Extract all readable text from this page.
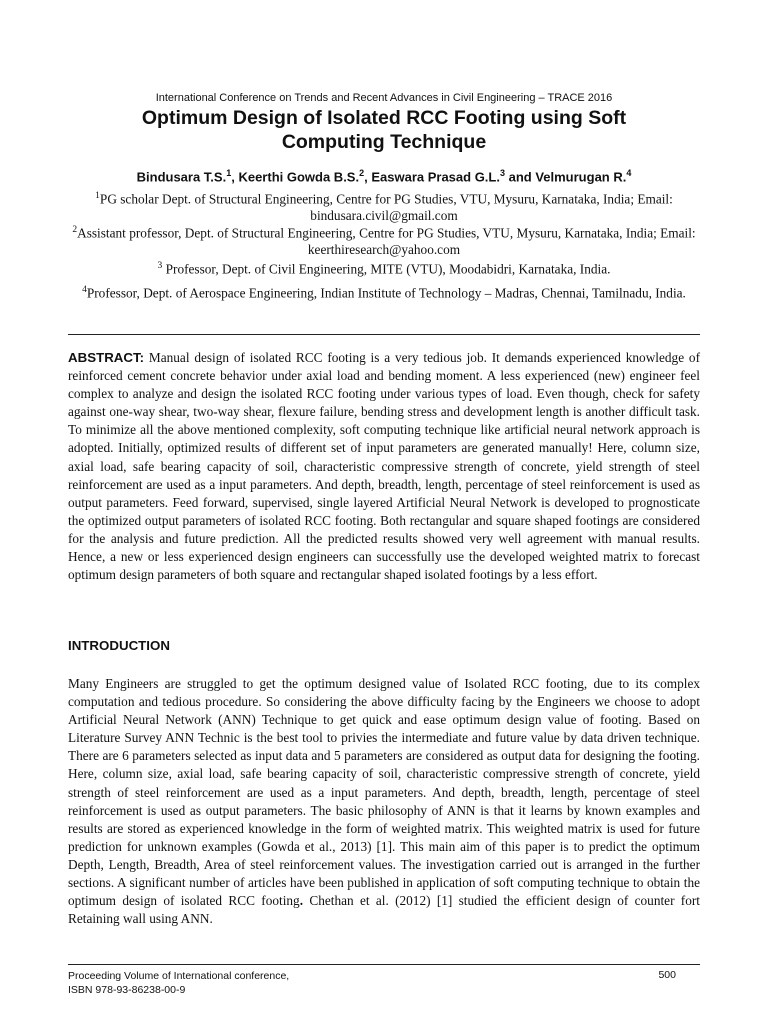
International Conference on Trends and Recent Advances in Civil Engineering – TRACE 2016
Optimum Design of Isolated RCC Footing using Soft Computing Technique
Bindusara T.S.$^1$, Keerthi Gowda B.S.$^2$, Easwara Prasad G.L.$^3$ and Velmurugan R.$^4$
$^1$PG scholar Dept. of Structural Engineering, Centre for PG Studies, VTU, Mysuru, Karnataka, India; Email: bindusara.civil@gmail.com
$^2$Assistant professor, Dept. of Structural Engineering, Centre for PG Studies, VTU, Mysuru, Karnataka, India; Email: keerthiresearch@yahoo.com
$^3$ Professor, Dept. of Civil Engineering, MITE (VTU), Moodabidri, Karnataka, India.
$^4$Professor, Dept. of Aerospace Engineering, Indian Institute of Technology – Madras, Chennai, Tamilnadu, India.
ABSTRACT: Manual design of isolated RCC footing is a very tedious job. It demands experienced knowledge of reinforced cement concrete behavior under axial load and bending moment. A less experienced (new) engineer feel complex to analyze and design the isolated RCC footing under various types of load. Even though, check for safety against one-way shear, two-way shear, flexure failure, bending stress and development length is another difficult task. To minimize all the above mentioned complexity, soft computing technique like artificial neural network approach is adopted. Initially, optimized results of different set of input parameters are generated manually! Here, column size, axial load, safe bearing capacity of soil, characteristic compressive strength of concrete, yield strength of steel reinforcement are used as a input parameters. And depth, breadth, length, percentage of steel reinforcement is used as output parameters. Feed forward, supervised, single layered Artificial Neural Network is developed to prognosticate the optimized output parameters of isolated RCC footing. Both rectangular and square shaped footings are considered for the analysis and future prediction. All the predicted results showed very well agreement with manual results. Hence, a new or less experienced design engineers can successfully use the developed weighted matrix to forecast optimum design parameters of both square and rectangular shaped isolated footings by a less effort.
INTRODUCTION
Many Engineers are struggled to get the optimum designed value of Isolated RCC footing, due to its complex computation and tedious procedure. So considering the above difficulty facing by the Engineers we choose to adopt Artificial Neural Network (ANN) Technique to get quick and ease optimum design value of footing. Based on Literature Survey ANN Technic is the best tool to privies the intermediate and future value by data driven technique. There are 6 parameters selected as input data and 5 parameters are considered as output data for designing the footing. Here, column size, axial load, safe bearing capacity of soil, characteristic compressive strength of concrete, yield strength of steel reinforcement are used as a input parameters. And depth, breadth, length, percentage of steel reinforcement is used as output parameters. The basic philosophy of ANN is that it learns by known examples and results are stored as experienced knowledge in the form of weighted matrix. This weighted matrix is used for future prediction for unknown examples (Gowda et al., 2013) [1]. This main aim of this paper is to predict the optimum Depth, Length, Breadth, Area of steel reinforcement values. The investigation carried out is arranged in the further sections. A significant number of articles have been published in application of soft computing technique to obtain the optimum design of isolated RCC footing. Chethan et al. (2012) [1] studied the efficient design of counter fort Retaining wall using ANN.
Proceeding Volume of International conference,
ISBN 978-93-86238-00-9
500
